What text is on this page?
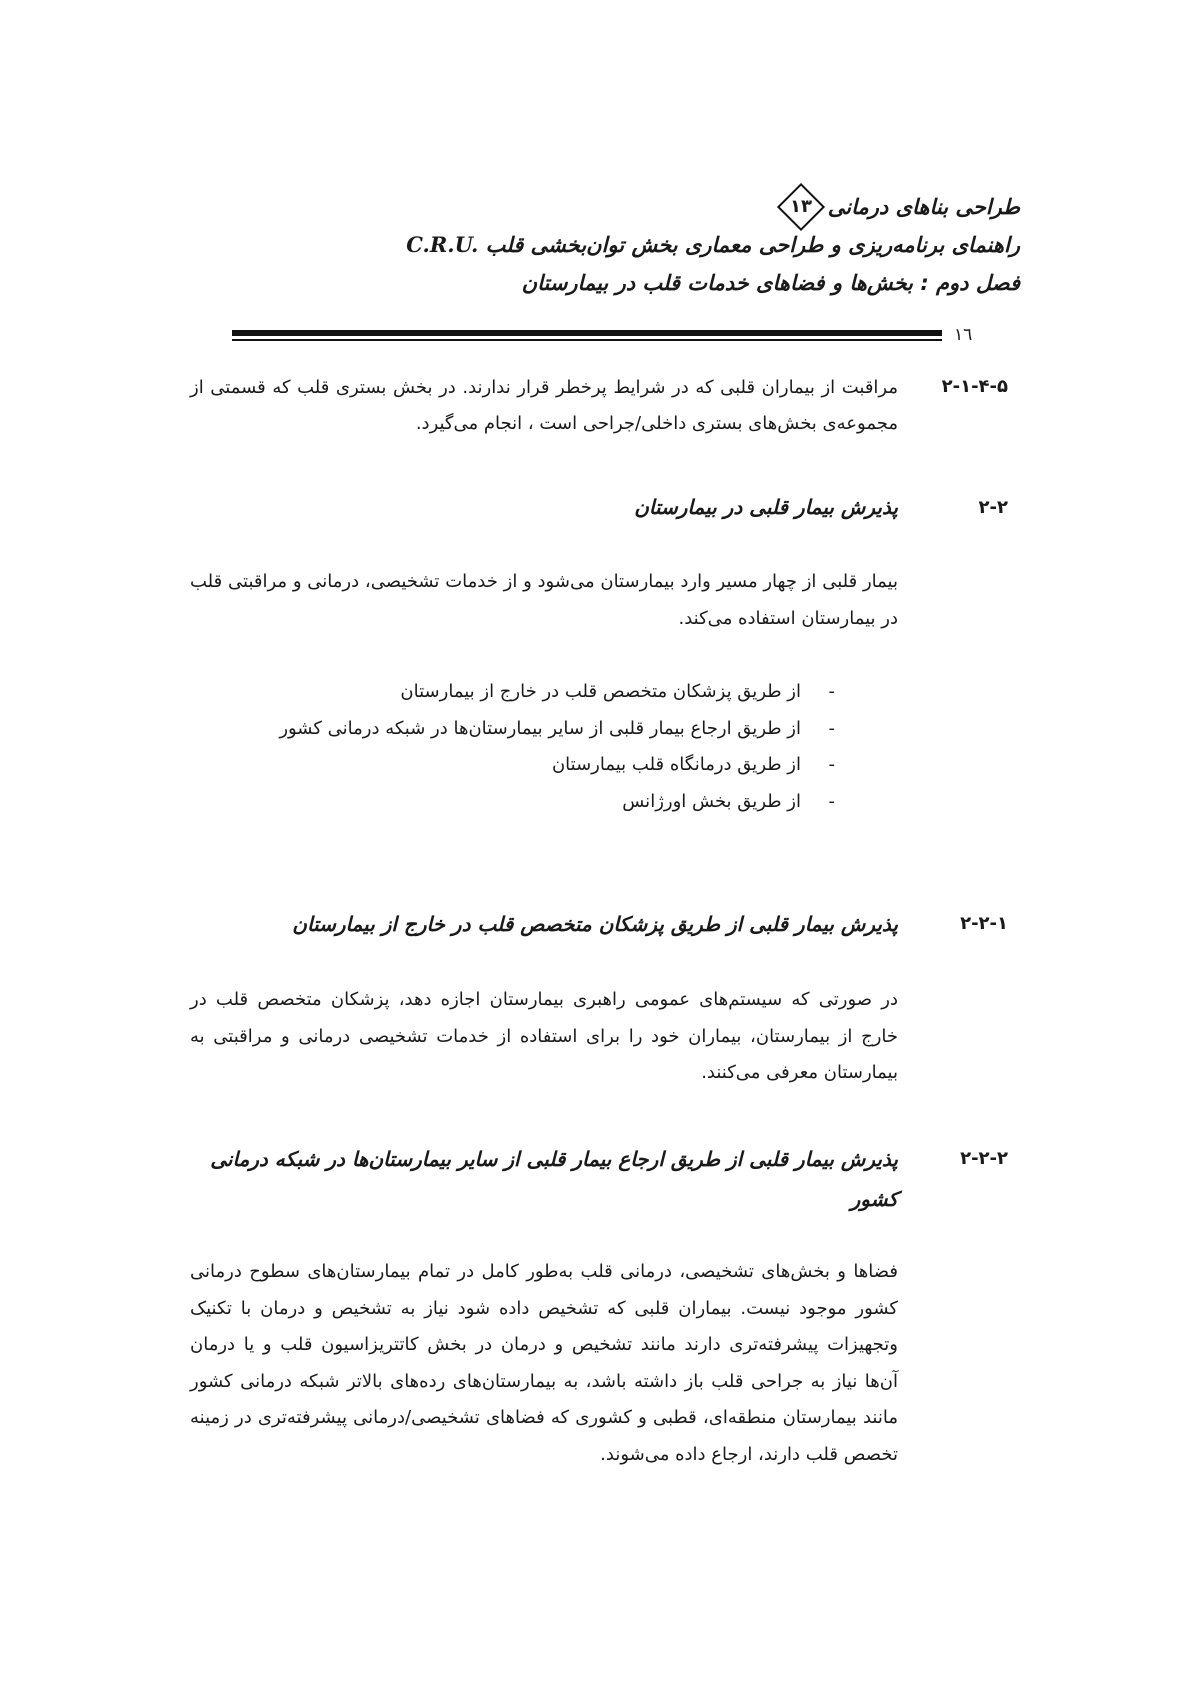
طراحی بناهای درمانی
۱۳
راهنمای برنامه‌ریزی و طراحی معماری بخش توان‌بخشی قلب C.R.U.
فصل دوم : بخش‌ها و فضاهای خدمات قلب در بیمارستان
١٦
۲-۱-۴-۵
مراقبت از بیماران قلبی که در شرایط پرخطر قرار ندارند. در بخش بستری قلب که قسمتی از مجموعه‌ی بخش‌های بستری داخلی/جراحی است ، انجام می‌گیرد.
۲-۲
پذیرش بیمار قلبی در بیمارستان
بیمار قلبی از چهار مسیر وارد بیمارستان می‌شود و از خدمات تشخیصی، درمانی و مراقبتی قلب در بیمارستان استفاده می‌کند.
-
از طریق پزشکان متخصص قلب در خارج از بیمارستان
-
از طریق ارجاع بیمار قلبی از سایر بیمارستان‌ها در شبکه درمانی کشور
-
از طریق درمانگاه قلب بیمارستان
-
از طریق بخش اورژانس
۲-۲-۱
پذیرش بیمار قلبی از طریق پزشکان متخصص قلب در خارج از بیمارستان
در صورتی که سیستم‌های عمومی راهبری بیمارستان اجازه دهد، پزشکان متخصص قلب در خارج از بیمارستان، بیماران خود را برای استفاده از خدمات تشخیصی درمانی و مراقبتی به بیمارستان معرفی می‌کنند.
۲-۲-۲
پذیرش بیمار قلبی از طریق ارجاع بیمار قلبی از سایر بیمارستان‌ها در شبکه درمانی کشور
فضاها و بخش‌های تشخیصی، درمانی قلب به‌طور کامل در تمام بیمارستان‌های سطوح درمانی کشور موجود نیست. بیماران قلبی که تشخیص داده شود نیاز به تشخیص و درمان با تکنیک وتجهیزات پیشرفته‌تری دارند مانند تشخیص و درمان در بخش کاتتریزاسیون قلب و یا درمان آن‌ها نیاز به جراحی قلب باز داشته باشد، به بیمارستان‌های رده‌های بالاتر شبکه درمانی کشور مانند بیمارستان منطقه‌ای، قطبی و کشوری که فضاهای تشخیصی/درمانی پیشرفته‌تری در زمینه تخصص قلب دارند، ارجاع داده می‌شوند.
